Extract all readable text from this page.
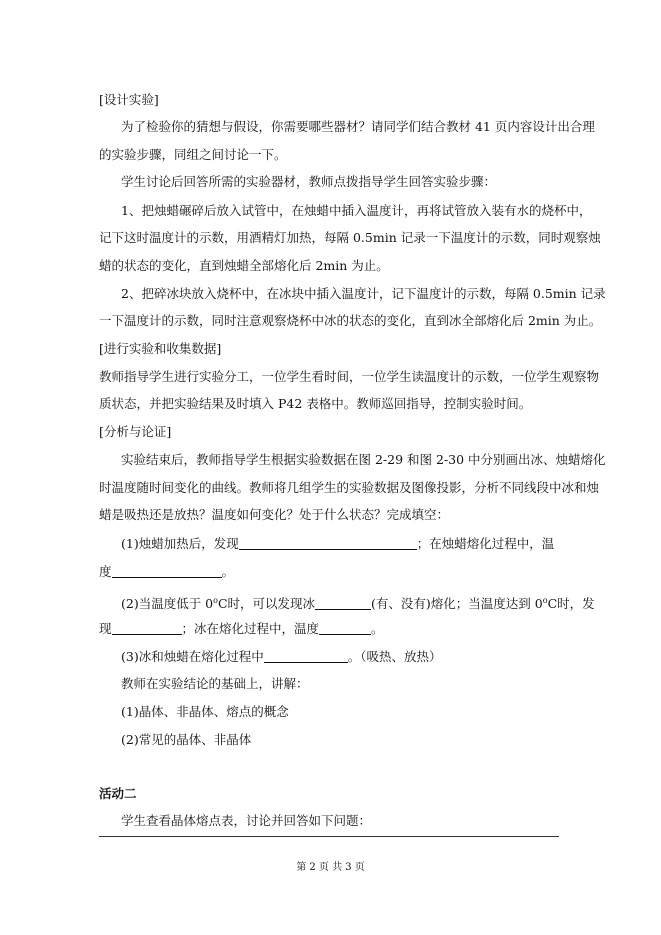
[设计实验]
为了检验你的猜想与假设，你需要哪些器材？请同学们结合教材 41 页内容设计出合理
的实验步骤，同组之间讨论一下。
学生讨论后回答所需的实验器材，教师点拨指导学生回答实验步骤：
1、把烛蜡碾碎后放入试管中，在烛蜡中插入温度计，再将试管放入装有水的烧杯中，
记下这时温度计的示数，用酒精灯加热，每隔 0.5min 记录一下温度计的示数，同时观察烛
蜡的状态的变化，直到烛蜡全部熔化后 2min 为止。
2、把碎冰块放入烧杯中，在冰块中插入温度计，记下温度计的示数，每隔 0.5min 记录
一下温度计的示数，同时注意观察烧杯中冰的状态的变化，直到冰全部熔化后 2min 为止。
[进行实验和收集数据]
教师指导学生进行实验分工，一位学生看时间，一位学生读温度计的示数，一位学生观察物
质状态，并把实验结果及时填入 P42 表格中。教师巡回指导，控制实验时间。
[分析与论证]
实验结束后，教师指导学生根据实验数据在图 2-29 和图 2-30 中分别画出冰、烛蜡熔化
时温度随时间变化的曲线。教师将几组学生的实验数据及图像投影，分析不同线段中冰和烛
蜡是吸热还是放热？温度如何变化？处于什么状态？完成填空：
(1)烛蜡加热后，发现	；在烛蜡熔化过程中，温
度	。
(2)当温度低于 0$^o$C时，可以发现冰	(有、没有)熔化；当温度达到 0$^o$C时，发
现	；冰在熔化过程中，温度	。
(3)冰和烛蜡在熔化过程中	。（吸热、放热）
教师在实验结论的基础上，讲解：
(1)晶体、非晶体、熔点的概念
(2)常见的晶体、非晶体
活动二
学生查看晶体熔点表，讨论并回答如下问题：
第 2 页 共 3 页
